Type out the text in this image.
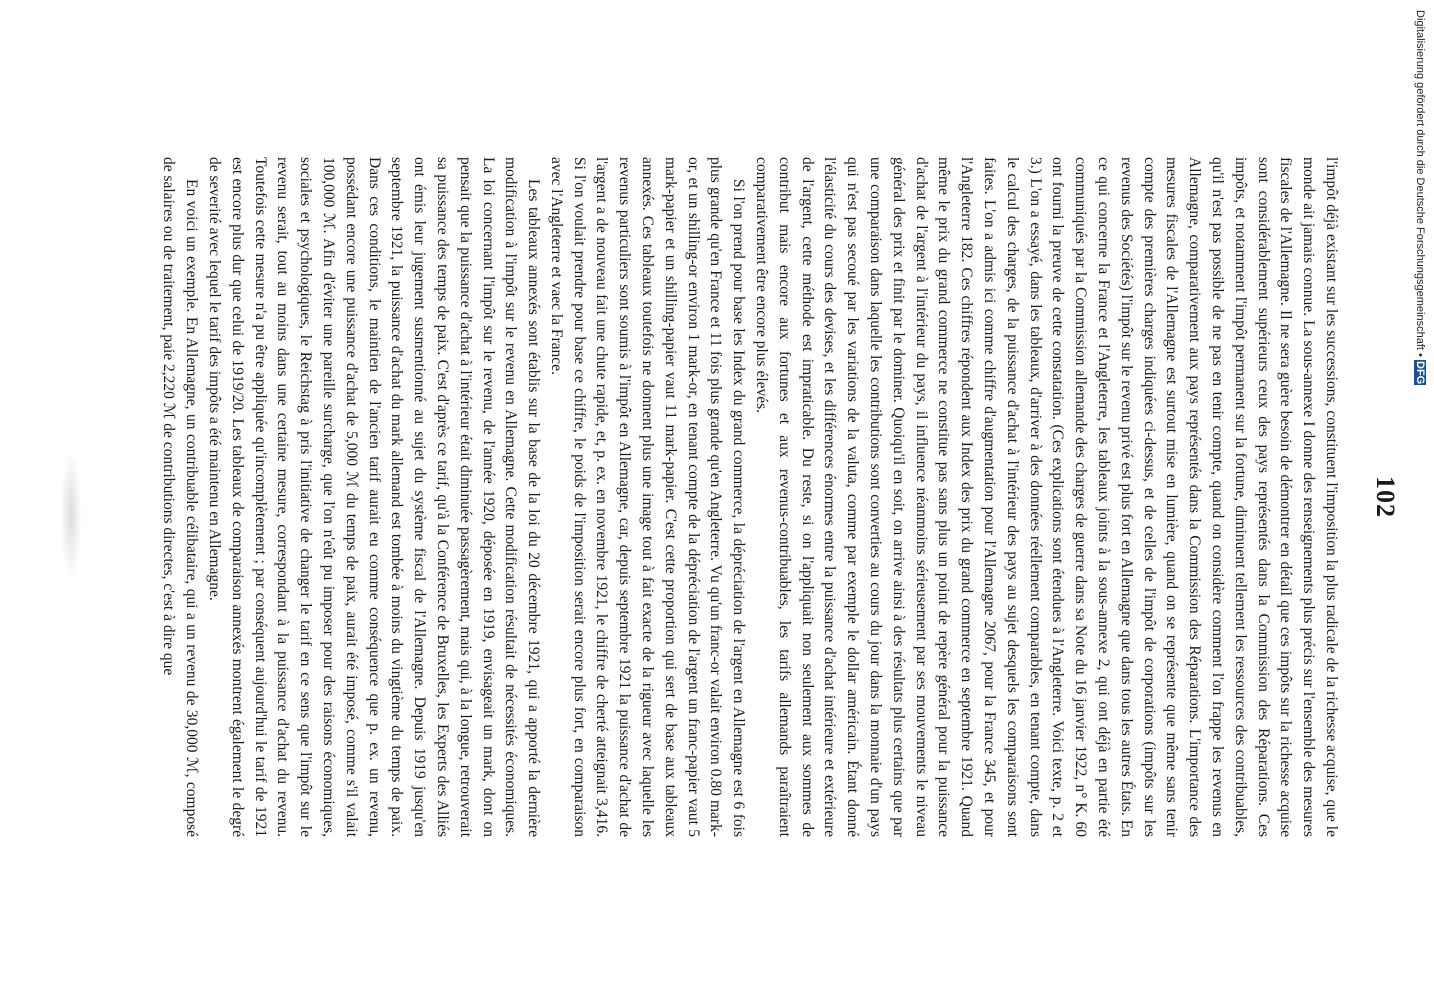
102

l'impôt déjà existant sur les successions, constituent l'imposition la plus radicale de la richesse acquise, que le monde ait jamais connue. La sous-annexe I donne des renseignements plus précis sur l'ensemble des mesures fiscales de l'Allemagne. Il ne sera guère besoin de démontrer en détail que ces impôts sur la richesse acquise sont considérablement supérieurs ceux des pays représentés dans la Commission des Réparations. Ces impôts, et notamment l'impôt permanent sur la fortune, diminuent tellement les ressources des contribuables, qu'il n'est pas possible de ne pas en tenir compte, quand on considère comment l'on frappe les revenus en Allemagne, comparativement aux pays représentés dans la Commission des Réparations. L'importance des mesures fiscales de l'Allemagne est surtout mise en lumière, quand on se représente que même sans tenir compte des premières charges indiquées ci-dessus, et de celles de l'impôt de corporations (impôts sur les revenus des Sociétés) l'impôt sur le revenu privé est plus fort en Allemagne que dans tous les autres États. En ce qui concerne la France et l'Angleterre, les tableaux joints à la sous-annexe 2, qui ont déjà en partie été communiqués par la Commission allemande des charges de guerre dans sa Note du 16 janvier 1922, n° K. 60 ont fourni la preuve de cette constatation. (Ces explications sont étendues à l'Angleterre. Voici texte, p. 2 et 3.) L'on a essayé, dans les tableaux, d'arriver à des données réellement comparables, en tenant compte, dans le calcul des charges, de la puissance d'achat à l'intérieur des pays au sujet desquels les comparaisons sont faites. L'on a admis ici comme chiffre d'augmentation pour l'Allemagne 2067, pour la France 345, et pour l'Angleterre 182. Ces chiffres répondent aux Index des prix du grand commerce en septembre 1921. Quand même le prix du grand commerce ne constitue pas sans plus un point de repère général pour la puissance d'achat de l'argent à l'intérieur du pays, il influence néanmoins sérieusement par ses mouvements le niveau général des prix et finit par le dominer. Quoiqu'il en soit, on arrive ainsi à des résultats plus certains que par une comparaison dans laquelle les contributions sont converties au cours du jour dans la monnaie d'un pays qui n'est pas secoué par les variations de la valuta, comme par exemple le dollar américain. Étant donné l'élasticité du cours des devises, et les différences énormes entre la puissance d'achat intérieure et extérieure de l'argent, cette méthode est impraticable. Du reste, si on l'appliquait non seulement aux sommes de contribut mais encore aux fortunes et aux revenus-contribuables, les tarifs allemands paraîtraient comparativement être encore plus élevés.

Si l'on prend pour base les Index du grand commerce, la dépréciation de l'argent en Allemagne est 6 fois plus grande qu'en France et 11 fois plus grande qu'en Angleterre. Vu qu'un franc-or valait environ 0.80 mark-or, et un shilling-or environ 1 mark-or, en tenant compte de la dépréciation de l'argent un franc-papier vaut 5 mark-papier et un shilling-papier vaut 11 mark-papier. C'est cette proportion qui sert de base aux tableaux annexés. Ces tableaux toutefois ne donnent plus une image tout à fait exacte de la rigueur avec laquelle les revenus particuliers sont soumis à l'impôt en Allemagne, car, depuis septembre 1921 la puissance d'achat de l'argent a de nouveau fait une chute rapide, et, p. ex. en novembre 1921, le chiffre de cherté atteignait 3,416. Si l'on voulait prendre pour base ce chiffre, le poids de l'imposition serait encore plus fort, en comparaison avec l'Angleterre et vaec la France.

Les tableaux annexés sont établis sur la base de la loi du 20 décembre 1921, qui a apporté la dernière modification à l'impôt sur le revenu en Allemagne. Cette modification résultait de nécessités économiques. La loi concernant l'impôt sur le revenu, de l'année 1920, déposée en 1919, envisageait un mark, dont on pensait que la puissance d'achat à l'intérieur était diminuée passagèrement, mais qui, à la longue, retrouverait sa puissance des temps de paix. C'est d'après ce tarif, qu'à la Conférence de Bruxelles, les Experts des Alliés ont émis leur jugement susmentionné au sujet du système fiscal de l'Allemagne. Depuis 1919 jusqu'en septembre 1921, la puissance d'achat du mark allemand est tombée à moins du vingtième du temps de paix. Dans ces conditions, le maintien de l'ancien tarif aurait eu comme conséquence que p. ex. un revenu, possédant encore une puissance d'achat de 5,000 ℳ du temps de paix, aurait été imposé, comme s'il valait 100,000 ℳ. Afin d'éviter une pareille surcharge, que l'on n'eût pu imposer pour des raisons économiques, sociales et psychologiques, le Reichstag à pris l'initiative de changer le tarif en ce sens que l'impôt sur le revenu serait, tout au moins dans une certaine mesure, correspondant à la puissance d'achat du revenu. Toutefois cette mesure n'a pu être appliquée qu'incomplètement ; par conséquent aujourd'hui le tarif de 1921 est encore plus dur que celui de 1919/20. Les tableaux de comparaison annexés montrent également le degré de severité avec lequel le tarif des impôts a été maintenu en Allemagne.

En voici un exemple. En Allemagne, un contribuable célibataire, qui a un revenu de 30,000 ℳ, composé de salaires ou de traitement, paie 2,220 ℳ de contributions directes, c'est à dire que	Digitalisierung gefördert durch die Deutsche Forschungsgemeinschaft • DFG
